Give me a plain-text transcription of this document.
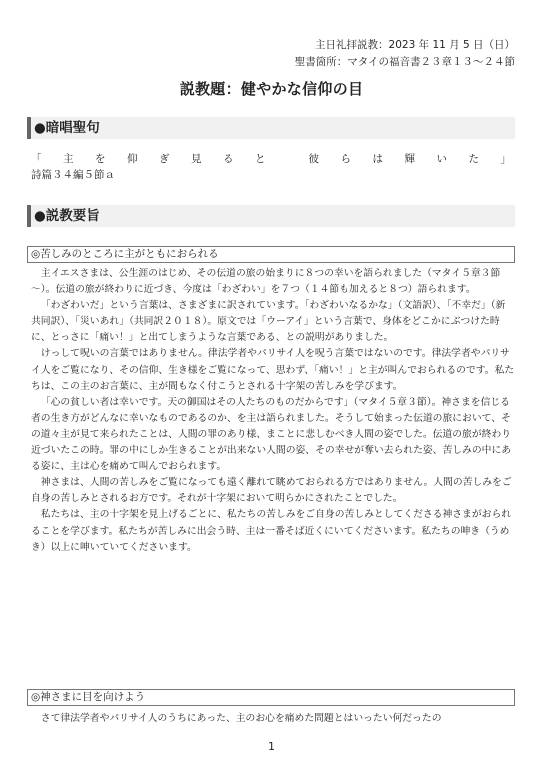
主日礼拝説教：2023 年 11 月 5 日（日）
聖書箇所：マタイの福音書２３章１３～２４節
説教題：健やかな信仰の目
●暗唱聖句
「 主 を 仰 ぎ 見 る と	彼 ら は 輝 い た 」
詩篇３４編５節ａ
●説教要旨
◎苦しみのところに主がともにおられる

主イエスさまは、公生涯のはじめ、その伝道の旅の始まりに８つの幸いを語られました（マタイ５章３節～）。伝道の旅が終わりに近づき、今度は「わざわい」を７つ（１４節も加えると８つ）語られます。

「わざわいだ」という言葉は、さまざまに訳されています。「わざわいなるかな」（文語訳）、「不幸だ」（新共同訳）、「災いあれ」（共同訳２０１８）。原文では「ウーアイ」という言葉で、身体をどこかにぶつけた時に、とっさに「痛い！」と出てしまうような言葉である、との説明がありました。

けっして呪いの言葉ではありません。律法学者やパリサイ人を呪う言葉ではないのです。律法学者やパリサイ人をご覧になり、その信仰、生き様をご覧になって、思わず、「痛い！」と主が叫んでおられるのです。私たちは、この主のお言葉に、主が間もなく付こうとされる十字架の苦しみを学びます。

「心の貧しい者は幸いです。天の御国はその人たちのものだからです」（マタイ５章３節）。神さまを信じる者の生き方がどんなに幸いなものであるのか、を主は語られました。そうして始まった伝道の旅において、その道々主が見て来られたことは、人間の罪のあり様、まことに悲しむべき人間の姿でした。伝道の旅が終わり近づいたこの時。罪の中にしか生きることが出来ない人間の姿、その幸せが奪い去られた姿、苦しみの中にある姿に、主は心を痛めて叫んでおられます。

神さまは、人間の苦しみをご覧になっても遠く離れて眺めておられる方ではありません。人間の苦しみをご自身の苦しみとされるお方です。それが十字架において明らかにされたことでした。

私たちは、主の十字架を見上げるごとに、私たちの苦しみをご自身の苦しみとしてくださる神さまがおられることを学びます。私たちが苦しみに出会う時、主は一番そば近くにいてくださいます。私たちの呻き（うめき）以上に呻いていてくださいます。

◎神さまに目を向けよう
さて律法学者やパリサイ人のうちにあった、主のお心を痛めた問題とはいったい何だったの
1
